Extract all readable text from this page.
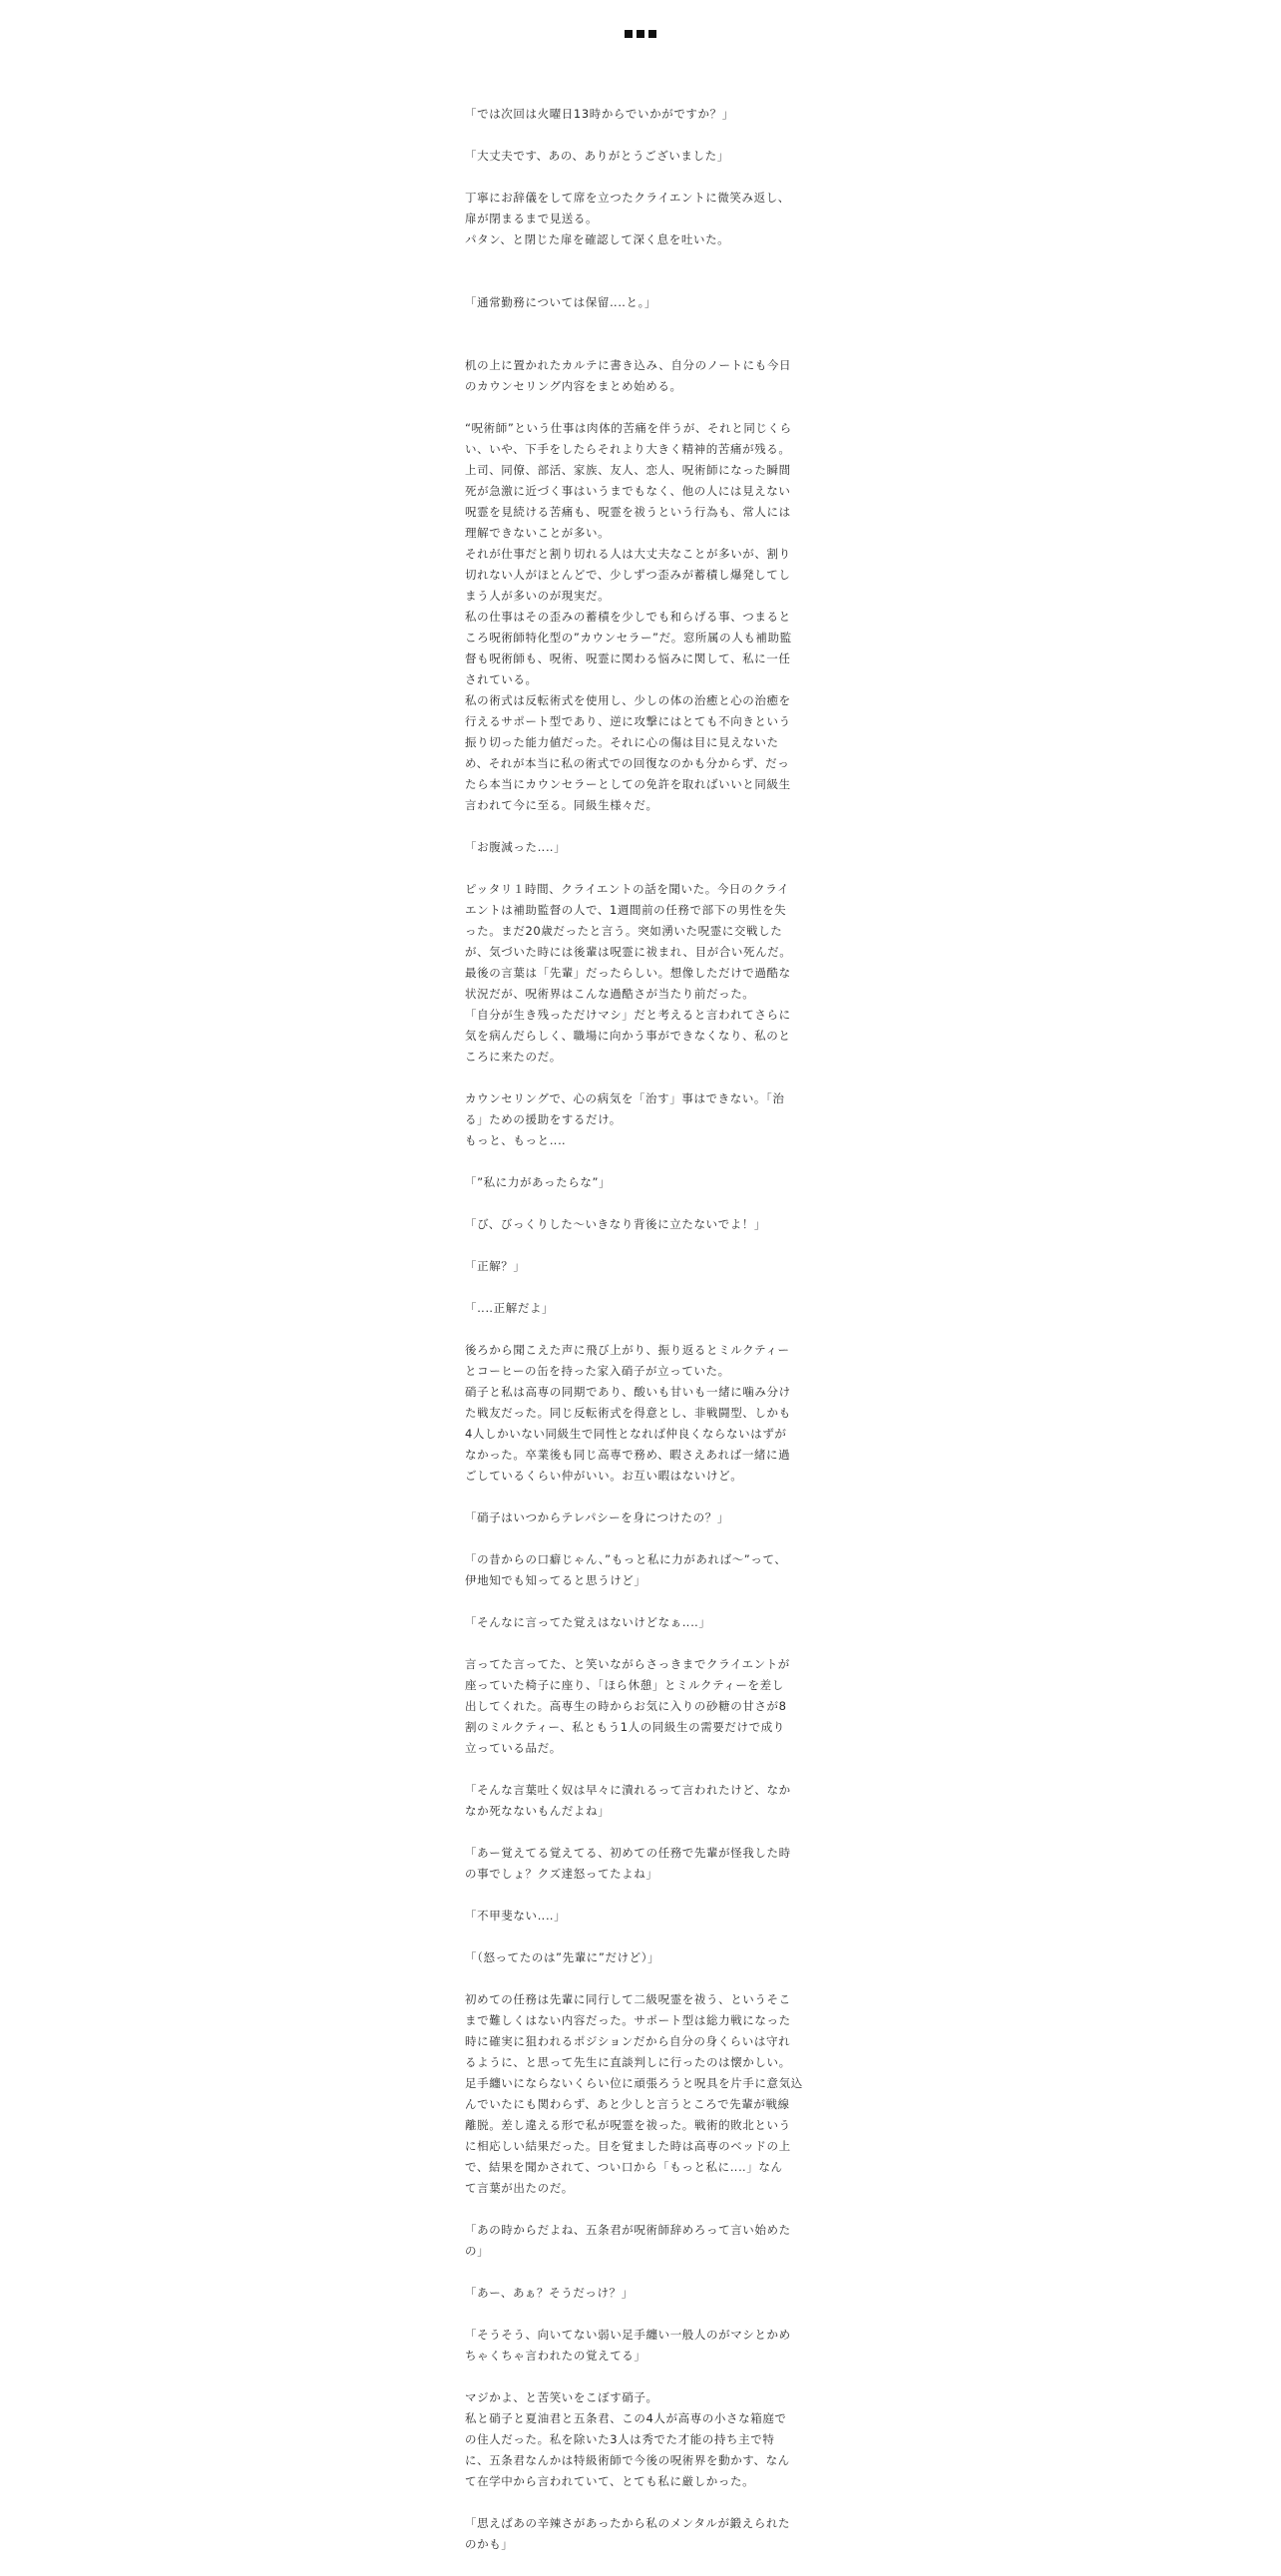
「では次回は火曜日13時からでいかがですか？」

「大丈夫です、あの、ありがとうございました」

丁寧にお辞儀をして席を立つたクライエントに微笑み返し、
扉が閉まるまで見送る。
パタン、と閉じた扉を確認して深く息を吐いた。

「通常勤務については保留‥‥と。」

机の上に置かれたカルテに書き込み、自分のノートにも今日
のカウンセリング内容をまとめ始める。

“呪術師”という仕事は肉体的苦痛を伴うが、それと同じくら
い、いや、下手をしたらそれより大きく精神的苦痛が残る。
上司、同僚、部活、家族、友人、恋人、呪術師になった瞬間
死が急激に近づく事はいうまでもなく、他の人には見えない
呪霊を見続ける苦痛も、呪霊を祓うという行為も、常人には
理解できないことが多い。
それが仕事だと割り切れる人は大丈夫なことが多いが、割り
切れない人がほとんどで、少しずつ歪みが蓄積し爆発してし
まう人が多いのが現実だ。
私の仕事はその歪みの蓄積を少しでも和らげる事、つまると
ころ呪術師特化型の”カウンセラー”だ。窓所属の人も補助監
督も呪術師も、呪術、呪霊に関わる悩みに関して、私に一任
されている。
私の術式は反転術式を使用し、少しの体の治癒と心の治癒を
行えるサポート型であり、逆に攻撃にはとても不向きという
振り切った能力値だった。それに心の傷は目に見えないた
め、それが本当に私の術式での回復なのかも分からず、だっ
たら本当にカウンセラーとしての免許を取ればいいと同級生
言われて今に至る。同級生様々だ。

「お腹減った‥‥」

ピッタリ１時間、クライエントの話を聞いた。今日のクライ
エントは補助監督の人で、1週間前の任務で部下の男性を失
った。まだ20歳だったと言う。突如湧いた呪霊に交戦した
が、気づいた時には後輩は呪霊に祓まれ、目が合い死んだ。
最後の言葉は「先輩」だったらしい。想像しただけで過酷な
状況だが、呪術界はこんな過酷さが当たり前だった。
「自分が生き残っただけマシ」だと考えると言われてさらに
気を病んだらしく、職場に向かう事ができなくなり、私のと
ころに来たのだ。

カウンセリングで、心の病気を「治す」事はできない。「治
る」ための援助をするだけ。
もっと、もっと‥‥

「”私に力があったらな”」

「び、びっくりした～いきなり背後に立たないでよ！」

「正解？」

「‥‥正解だよ」

後ろから聞こえた声に飛び上がり、振り返るとミルクティー
とコーヒーの缶を持った家入硝子が立っていた。
硝子と私は高専の同期であり、酸いも甘いも一緒に噛み分け
た戦友だった。同じ反転術式を得意とし、非戦闘型、しかも
4人しかいない同級生で同性となれば仲良くならないはずが
なかった。卒業後も同じ高専で務め、暇さえあれば一緒に過
ごしているくらい仲がいい。お互い暇はないけど。

「硝子はいつからテレパシーを身につけたの？」

「の昔からの口癖じゃん、”もっと私に力があれば～”って、
伊地知でも知ってると思うけど」

「そんなに言ってた覚えはないけどなぁ‥‥」

言ってた言ってた、と笑いながらさっきまでクライエントが
座っていた椅子に座り、「ほら休憩」とミルクティーを差し
出してくれた。高専生の時からお気に入りの砂糖の甘さが8
割のミルクティー、私ともう1人の同級生の需要だけで成り
立っている品だ。

「そんな言葉吐く奴は早々に潰れるって言われたけど、なか
なか死なないもんだよね」

「あー覚えてる覚えてる、初めての任務で先輩が怪我した時
の事でしょ？クズ達怒ってたよね」

「不甲斐ない‥‥」

「（怒ってたのは”先輩に”だけど）」

初めての任務は先輩に同行して二級呪霊を祓う、というそこ
まで難しくはない内容だった。サポート型は総力戦になった
時に確実に狙われるポジションだから自分の身くらいは守れ
るように、と思って先生に直談判しに行ったのは懐かしい。
足手纏いにならないくらい位に頑張ろうと呪具を片手に意気込
んでいたにも関わらず、あと少しと言うところで先輩が戦線
離脱。差し違える形で私が呪霊を祓った。戦術的敗北という
に相応しい結果だった。目を覚ました時は高専のベッドの上
で、結果を聞かされて、つい口から「もっと私に‥‥」なん
て言葉が出たのだ。

「あの時からだよね、五条君が呪術師辞めろって言い始めた
の」

「あー、あぁ？そうだっけ？」

「そうそう、向いてない弱い足手纏い一般人のがマシとかめ
ちゃくちゃ言われたの覚えてる」

マジかよ、と苦笑いをこぼす硝子。
私と硝子と夏油君と五条君、この4人が高専の小さな箱庭で
の住人だった。私を除いた3人は秀でた才能の持ち主で特
に、五条君なんかは特級術師で今後の呪術界を動かす、なん
て在学中から言われていて、とても私に厳しかった。

「思えばあの辛辣さがあったから私のメンタルが鍛えられた
のかも」
